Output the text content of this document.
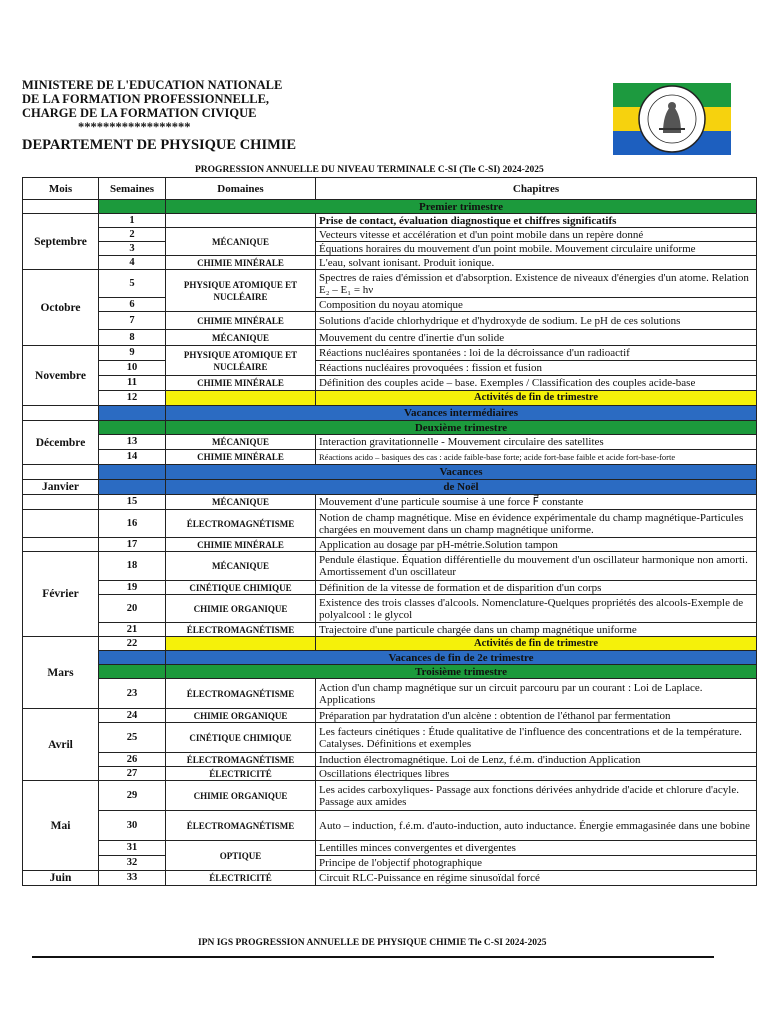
MINISTERE DE L'EDUCATION NATIONALE
DE LA FORMATION PROFESSIONNELLE,
CHARGE DE LA FORMATION CIVIQUE
******************
DEPARTEMENT DE PHYSIQUE CHIMIE
PROGRESSION ANNUELLE DU NIVEAU TERMINALE C-SI (Tle C-SI) 2024-2025
Mois	Semaines	Domaines	Chapitres
		Premier trimestre	
Septembre	1		Prise de contact, évaluation diagnostique et chiffres significatifs
	2	MÉCANIQUE	Vecteurs vitesse et accélération et d'un point mobile dans un repère donné
	3		Équations horaires du mouvement d'un point mobile. Mouvement circulaire uniforme
	4	CHIMIE MINÉRALE	L'eau, solvant ionisant. Produit ionique.
Octobre	5	PHYSIQUE ATOMIQUE ET NUCLÉAIRE	Spectres de raies d'émission et d'absorption. Existence de niveaux d'énergies d'un atome. Relation E₂ – E₁ = hν
	6		Composition du noyau atomique
	7	CHIMIE MINÉRALE	Solutions d'acide chlorhydrique et d'hydroxyde de sodium. Le pH de ces solutions
	8	MÉCANIQUE	Mouvement du centre d'inertie d'un solide
Novembre	9	PHYSIQUE ATOMIQUE ET NUCLÉAIRE	Réactions nucléaires spontanées : loi de la décroissance d'un radioactif
	10		Réactions nucléaires provoquées : fission et fusion
	11	CHIMIE MINÉRALE	Définition des couples acide – base. Exemples / Classification des couples acide-base
	12		Activités de fin de trimestre
		Vacances intermédiaires	
Décembre		Deuxième trimestre	
	13	MÉCANIQUE	Interaction gravitationnelle - Mouvement circulaire des satellites
	14	CHIMIE MINÉRALE	Réactions acido – basiques des cas : acide faible-base forte; acide fort-base faible et acide fort-base-forte
		Vacances	
Janvier		de Noël	
	15	MÉCANIQUE	Mouvement d'une particule soumise à une force F⃗ constante
	16	ÉLECTROMAGNÉTISME	Notion de champ magnétique. Mise en évidence expérimentale du champ magnétique-Particules chargées en mouvement dans un champ magnétique uniforme.
	17	CHIMIE MINÉRALE	Application au dosage par pH-métrie.Solution tampon
Février	18	MÉCANIQUE	Pendule élastique. Équation différentielle du mouvement d'un oscillateur harmonique non amorti. Amortissement d'un oscillateur
	19	CINÉTIQUE CHIMIQUE	Définition de la vitesse de formation et de disparition d'un corps
	20	CHIMIE ORGANIQUE	Existence des trois classes d'alcools. Nomenclature-Quelques propriétés des alcools-Exemple de polyalcool : le glycol
	21	ÉLECTROMAGNÉTISME	Trajectoire d'une particule chargée dans un champ magnétique uniforme
Mars	22		Activités de fin de trimestre
		Vacances de fin de 2e trimestre	
		Troisième trimestre	
	23	ÉLECTROMAGNÉTISME	Action d'un champ magnétique sur un circuit parcouru par un courant : Loi de Laplace. Applications
Avril	24	CHIMIE ORGANIQUE	Préparation par hydratation d'un alcène : obtention de l'éthanol par fermentation
	25	CINÉTIQUE CHIMIQUE	Les facteurs cinétiques : Étude qualitative de l'influence des concentrations et de la température. Catalyses. Définitions et exemples
	26	ÉLECTROMAGNÉTISME	Induction électromagnétique. Loi de Lenz, f.é.m. d'induction Application
	27	ÉLECTRICITÉ	Oscillations électriques libres
Mai	29	CHIMIE ORGANIQUE	Les acides carboxyliques- Passage aux fonctions dérivées anhydride d'acide et chlorure d'acyle. Passage aux amides
	30	ÉLECTROMAGNÉTISME	Auto – induction, f.é.m. d'auto-induction, auto inductance. Énergie emmagasinée dans une bobine
	31	OPTIQUE	Lentilles minces convergentes et divergentes
	32		Principe de l'objectif photographique
Juin	33	ÉLECTRICITÉ	Circuit RLC-Puissance en régime sinusoïdal forcé
IPN IGS PROGRESSION ANNUELLE DE PHYSIQUE CHIMIE Tle C-SI 2024-2025
